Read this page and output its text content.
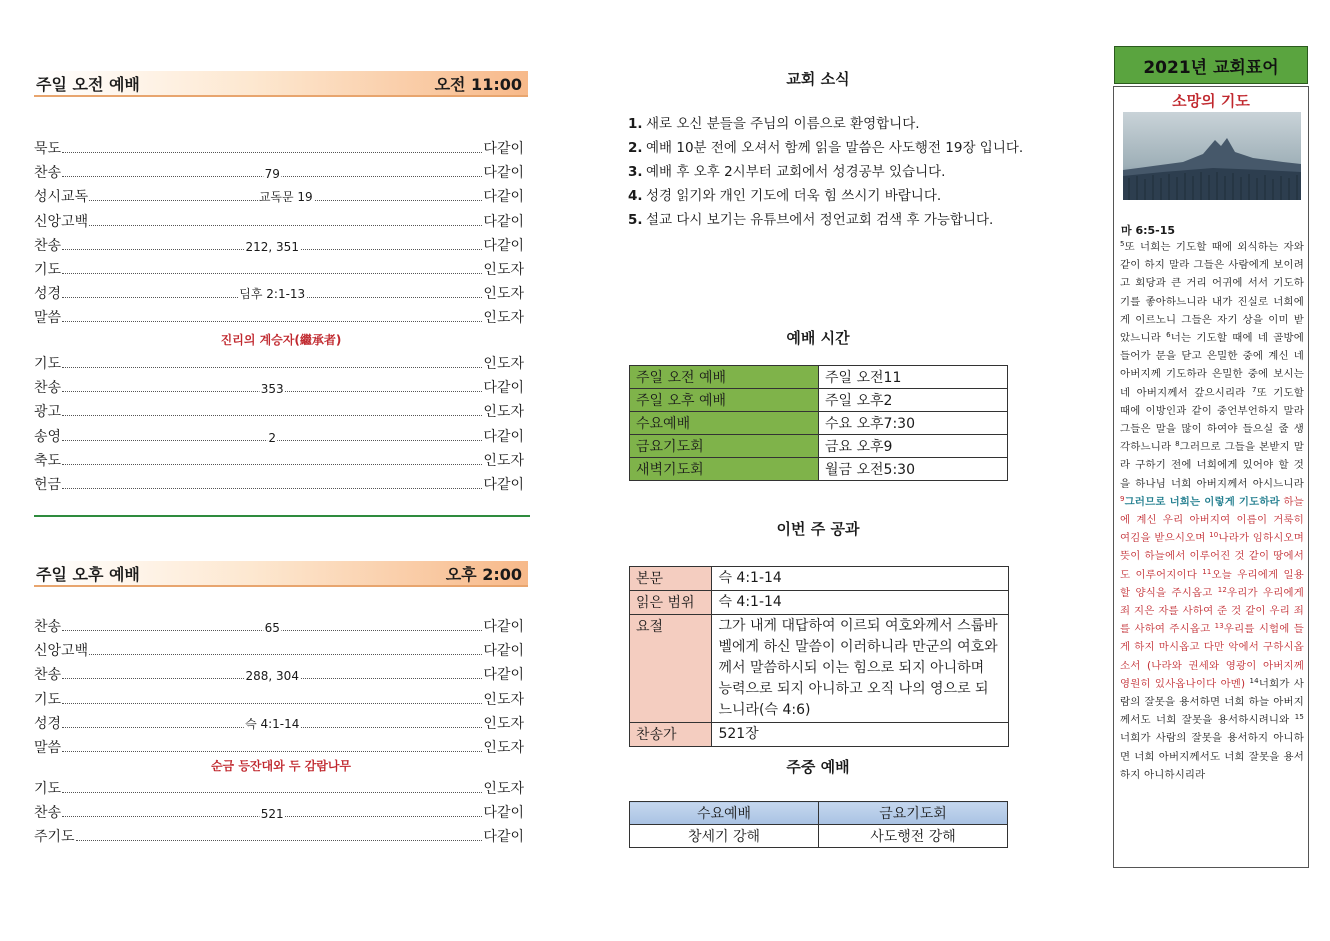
주일 오전 예배	오전 11:00
묵도	다같이
찬송	79	다같이
성시교독	교독문 19	다같이
신앙고백	다같이
찬송	212, 351	다같이
기도	인도자
성경	딤후 2:1-13	인도자
말씀	인도자
기도	인도자
찬송	353	다같이
광고	인도자
송영	2	다같이
축도	인도자
헌금	다같이
진리의 계승자(繼承者)
주일 오후 예배	오후 2:00
찬송	65	다같이
신앙고백	다같이
찬송	288, 304	다같이
기도	인도자
성경	슥 4:1-14	인도자
말씀	인도자
기도	인도자
찬송	521	다같이
주기도	다같이
순금 등잔대와 두 감람나무
교회 소식
1. 새로 오신 분들을 주님의 이름으로 환영합니다.
2. 예배 10분 전에 오셔서 함께 읽을 말씀은 사도행전 19장 입니다.
3. 예배 후 오후 2시부터 교회에서 성경공부 있습니다.
4. 성경 읽기와 개인 기도에 더욱 힘 쓰시기 바랍니다.
5. 설교 다시 보기는 유튜브에서 정언교회 검색 후 가능합니다.
예배 시간
주일 오전 예배	주일 오전11
주일 오후 예배	주일 오후2
수요예배	수요 오후7:30
금요기도회	금요 오후9
새벽기도회	월금 오전5:30
이번 주 공과
본문	슥 4:1-14
읽은 범위	슥 4:1-14
요절	그가 내게 대답하여 이르되 여호와께서 스룹바벨에게 하신 말씀이 이러하니라 만군의 여호와께서 말씀하시되 이는 힘으로 되지 아니하며 능력으로 되지 아니하고 오직 나의 영으로 되느니라(슥 4:6)
찬송가	521장
주중 예배
수요예배	금요기도회
창세기 강해	사도행전 강해
2021년 교회표어
소망의 기도
마 6:5-15
$^5$또 너희는 기도할 때에 외식하는 자와 같이 하지 말라 그들은 사람에게 보이려고 회당과 큰 거리 어귀에 서서 기도하기를 좋아하느니라 내가 진실로 너희에게 이르노니 그들은 자기 상을 이미 받았느니라 $^6$너는 기도할 때에 네 골방에 들어가 문을 닫고 은밀한 중에 계신 네 아버지께 기도하라 은밀한 중에 보시는 네 아버지께서 갚으시리라 $^7$또 기도할 때에 이방인과 같이 중언부언하지 말라 그들은 말을 많이 하여야 들으실 줄 생각하느니라 $^8$그러므로 그들을 본받지 말라 구하기 전에 너희에게 있어야 할 것을 하나님 너희 아버지께서 아시느니라 $^9$그러므로 너희는 이렇게 기도하라 하늘에 계신 우리 아버지여 이름이 거룩히 여김을 받으시오며 $^{10}$나라가 임하시오며 뜻이 하늘에서 이루어진 것 같이 땅에서도 이루어지이다 $^{11}$오늘 우리에게 일용할 양식을 주시옵고 $^{12}$우리가 우리에게 죄 지은 자를 사하여 준 것 같이 우리 죄를 사하여 주시옵고 $^{13}$우리를 시험에 들게 하지 마시옵고 다만 악에서 구하시옵소서 (나라와 권세와 영광이 아버지께 영원히 있사옵나이다 아멘) $^{14}$너희가 사람의 잘못을 용서하면 너희 하늘 아버지께서도 너희 잘못을 용서하시려니와 $^{15}$너희가 사람의 잘못을 용서하지 아니하면 너희 아버지께서도 너희 잘못을 용서하지 아니하시리라
